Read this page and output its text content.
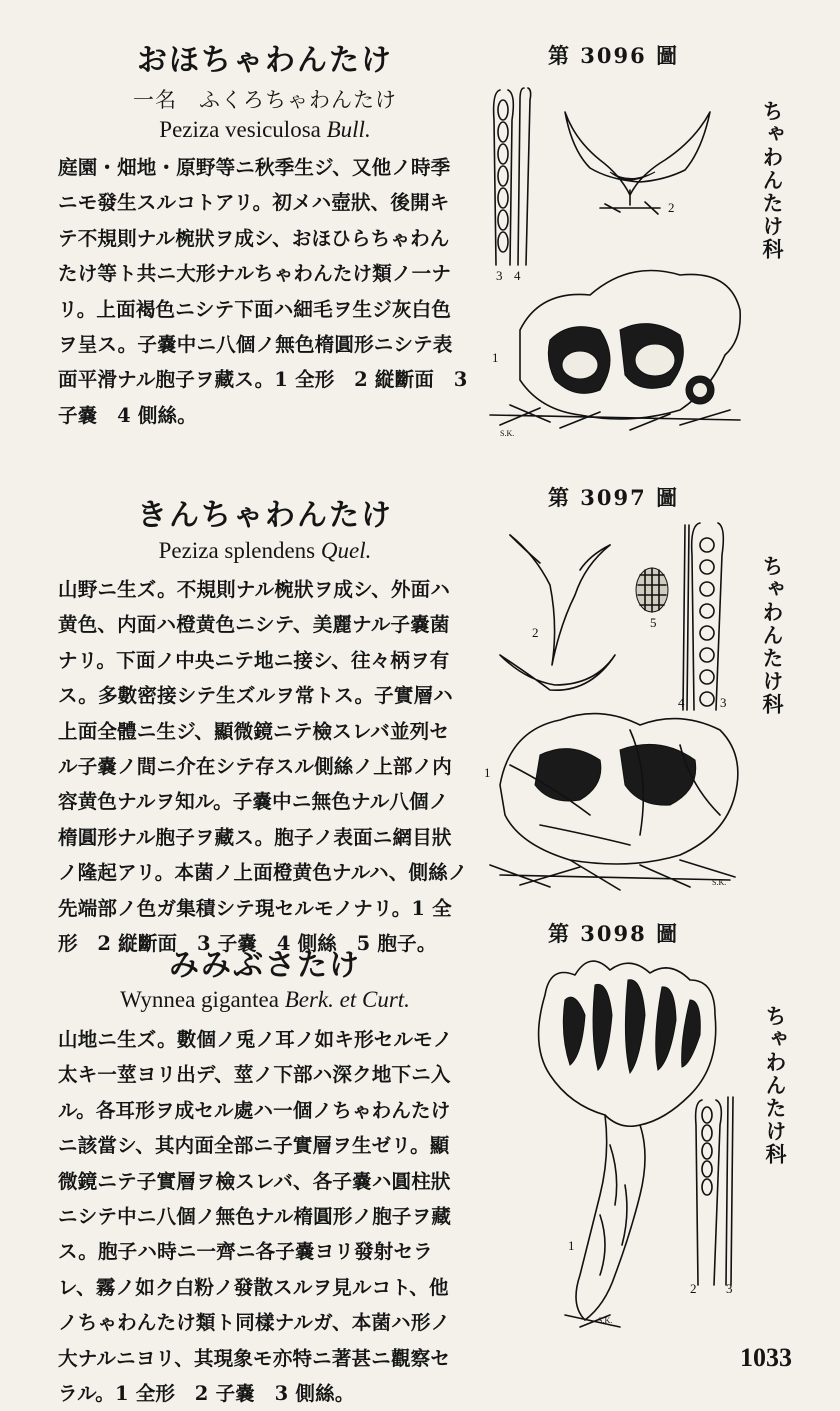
おほちゃわんたけ
一名　ふくろちゃわんたけ
Peziza vesiculosa Bull.
庭園・畑地・原野等ニ秋季生ジ、又他ノ時季ニモ發生スルコトアリ。初メハ壺狀、後開キテ不規則ナル椀狀ヲ成シ、おほひらちゃわんたけ等ト共ニ大形ナルちゃわんたけ類ノ一ナリ。上面褐色ニシテ下面ハ細毛ヲ生ジ灰白色ヲ呈ス。子嚢中ニ八個ノ無色楕圓形ニシテ表面平滑ナル胞子ヲ藏ス。1 全形　2 縦斷面　3 子嚢　4 側絲。
第 3096 圖
ちゃわんたけ科
3 4
2
1
S.K.
きんちゃわんたけ
Peziza splendens Quel.
山野ニ生ズ。不規則ナル椀狀ヲ成シ、外面ハ黄色、内面ハ橙黄色ニシテ、美麗ナル子嚢菌ナリ。下面ノ中央ニテ地ニ接シ、往々柄ヲ有ス。多數密接シテ生ズルヲ常トス。子實層ハ上面全體ニ生ジ、顯微鏡ニテ檢スレバ並列セル子嚢ノ間ニ介在シテ存スル側絲ノ上部ノ内容黄色ナルヲ知ル。子嚢中ニ無色ナル八個ノ楕圓形ナル胞子ヲ藏ス。胞子ノ表面ニ網目狀ノ隆起アリ。本菌ノ上面橙黄色ナルハ、側絲ノ先端部ノ色ガ集積シテ現セルモノナリ。1 全形　2 縦斷面　3 子嚢　4 側絲　5 胞子。
第 3097 圖
ちゃわんたけ科
2
5
4	3
1
S.K.
みみぶさたけ
Wynnea gigantea Berk. et Curt.
山地ニ生ズ。數個ノ兎ノ耳ノ如キ形セルモノ太キ一莖ヨリ出デ、莖ノ下部ハ深ク地下ニ入ル。各耳形ヲ成セル處ハ一個ノちゃわんたけニ該當シ、其内面全部ニ子實層ヲ生ゼリ。顯微鏡ニテ子實層ヲ檢スレバ、各子嚢ハ圓柱狀ニシテ中ニ八個ノ無色ナル楕圓形ノ胞子ヲ藏ス。胞子ハ時ニ一齊ニ各子嚢ヨリ發射セラレ、霧ノ如ク白粉ノ發散スルヲ見ルコト、他ノちゃわんたけ類ト同樣ナルガ、本菌ハ形ノ大ナルニヨリ、其現象モ亦特ニ著甚ニ觀察セラル。1 全形　2 子嚢　3 側絲。
第 3098 圖
ちゃわんたけ科
1
S.K.
2 3
1033
